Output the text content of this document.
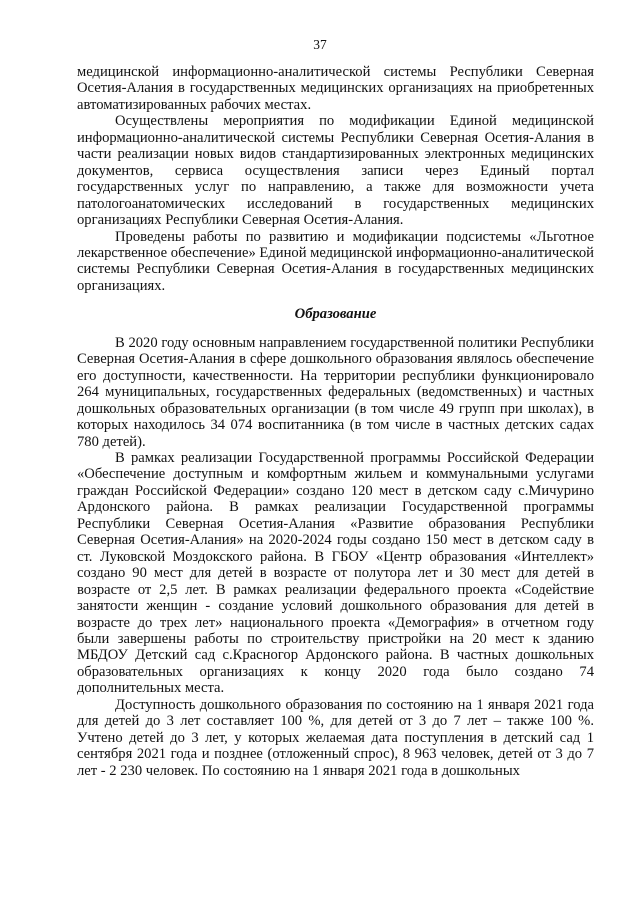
37

медицинской информационно-аналитической системы Республики Северная Осетия-Алания в государственных медицинских организациях на приобретенных автоматизированных рабочих местах.

Осуществлены мероприятия по модификации Единой медицинской информационно-аналитической системы Республики Северная Осетия-Алания в части реализации новых видов стандартизированных электронных медицинских документов, сервиса осуществления записи через Единый портал государственных услуг по направлению, а также для возможности учета патологоанатомических исследований в государственных медицинских организациях Республики Северная Осетия-Алания.

Проведены работы по развитию и модификации подсистемы «Льготное лекарственное обеспечение» Единой медицинской информационно-аналитической системы Республики Северная Осетия-Алания в государственных медицинских организациях.

Образование

В 2020 году основным направлением государственной политики Республики Северная Осетия-Алания в сфере дошкольного образования являлось обеспечение его доступности, качественности. На территории республики функционировало 264 муниципальных, государственных федеральных (ведомственных) и частных дошкольных образовательных организации (в том числе 49 групп при школах), в которых находилось 34 074 воспитанника (в том числе в частных детских садах 780 детей).

В рамках реализации Государственной программы Российской Федерации «Обеспечение доступным и комфортным жильем и коммунальными услугами граждан Российской Федерации» создано 120 мест в детском саду с.Мичурино Ардонского района. В рамках реализации Государственной программы Республики Северная Осетия-Алания «Развитие образования Республики Северная Осетия-Алания» на 2020-2024 годы создано 150 мест в детском саду в ст. Луковской Моздокского района. В ГБОУ «Центр образования «Интеллект» создано 90 мест для детей в возрасте от полутора лет и 30 мест для детей в возрасте от 2,5 лет. В рамках реализации федерального проекта «Содействие занятости женщин - создание условий дошкольного образования для детей в возрасте до трех лет» национального проекта «Демография» в отчетном году были завершены работы по строительству пристройки на 20 мест к зданию МБДОУ Детский сад с.Красногор Ардонского района. В частных дошкольных образовательных организациях к концу 2020 года было создано 74 дополнительных места.

Доступность дошкольного образования по состоянию на 1 января 2021 года для детей до 3 лет составляет 100 %, для детей от 3 до 7 лет – также 100 %. Учтено детей до 3 лет, у которых желаемая дата поступления в детский сад 1 сентября 2021 года и позднее (отложенный спрос), 8 963 человек, детей от 3 до 7 лет - 2 230 человек. По состоянию на 1 января 2021 года в дошкольных
